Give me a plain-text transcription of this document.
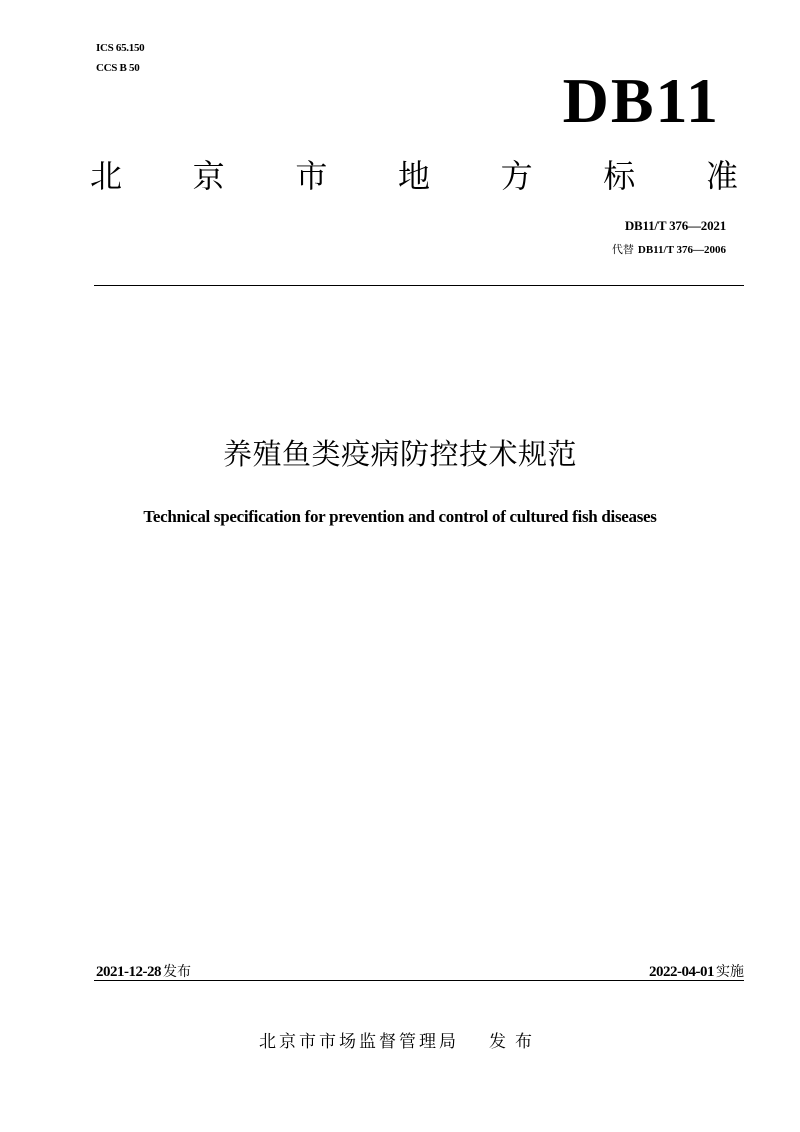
ICS 65.150
CCS B 50	DB11
北 京 市 地 方 标 准
DB11/T 376—2021
代替 DB11/T 376—2006
养殖鱼类疫病防控技术规范
Technical specification for prevention and control of cultured fish diseases
2021-12-28 发布	2022-04-01 实施
北京市市场监督管理局 发布
